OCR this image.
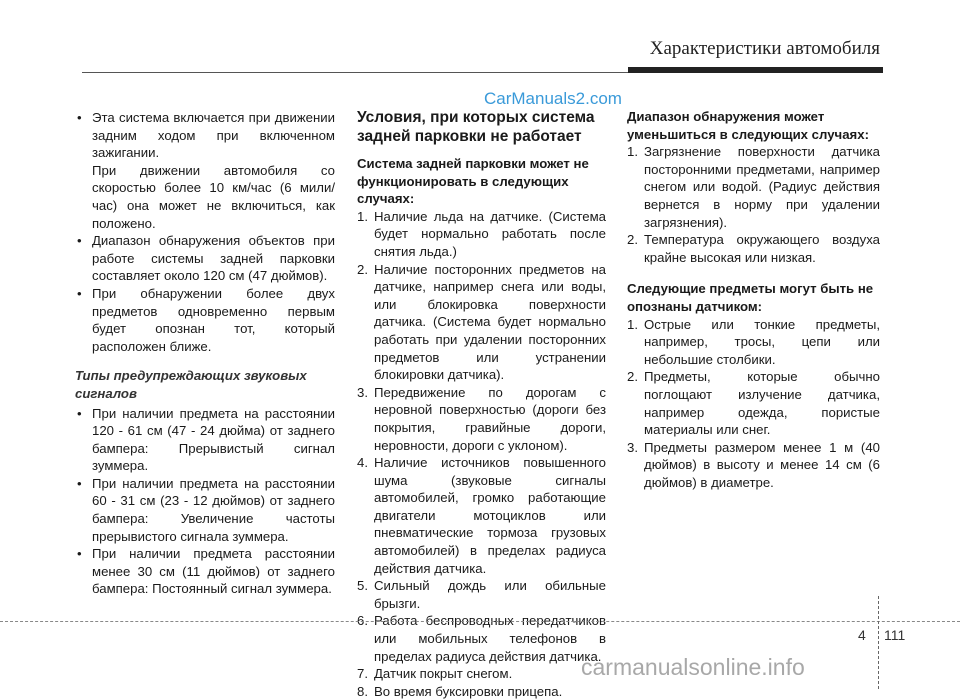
Характеристики автомобиля
CarManuals2.com
• Эта система включается при движении задним ходом при включенном зажигании.

При движении автомобиля со скоростью более 10 км/час (6 мили/час) она может не включиться, как положено.

• Диапазон обнаружения объектов при работе системы задней парковки составляет около 120 см (47 дюймов).
• При обнаружении более двух предметов одновременно первым будет опознан тот, который расположен ближе.
Типы предупреждающих звуковых сигналов
• При наличии предмета на расстоянии 120 - 61 см (47 - 24 дюйма) от заднего бампера: Прерывистый сигнал зуммера.
• При наличии предмета на расстоянии 60 - 31 см (23 - 12 дюймов) от заднего бампера: Увеличение частоты прерывистого сигнала зуммера.
• При наличии предмета расстоянии менее 30 см (11 дюймов) от заднего бампера: Постоянный сигнал зуммера.
Условия, при которых система задней парковки не работает
Система задней парковки может не функционировать в следующих случаях:
1. Наличие льда на датчике. (Система будет нормально работать после снятия льда.)
2. Наличие посторонних предметов на датчике, например снега или воды, или блокировка поверхности датчика. (Система будет нормально работать при удалении посторонних предметов или устранении блокировки датчика).
3. Передвижение по дорогам с неровной поверхностью (дороги без покрытия, гравийные дороги, неровности, дороги с уклоном).
4. Наличие источников повышенного шума (звуковые сигналы автомобилей, громко работающие двигатели мотоциклов или пневматические тормоза грузовых автомобилей) в пределах радиуса действия датчика.
5. Сильный дождь или обильные брызги.
6. Работа беспроводных передатчиков или мобильных телефонов в пределах радиуса действия датчика.
7. Датчик покрыт снегом.
8. Во время буксировки прицепа.
Диапазон обнаружения может уменьшиться в следующих случаях:
1. Загрязнение поверхности датчика посторонними предметами, например снегом или водой. (Радиус действия вернется в норму при удалении загрязнения).
2. Температура окружающего воздуха крайне высокая или низкая.
Следующие предметы могут быть не опознаны датчиком:
1. Острые или тонкие предметы, например, тросы, цепи или небольшие столбики.
2. Предметы, которые обычно поглощают излучение датчика, например одежда, пористые материалы или снег.
3. Предметы размером менее 1 м (40 дюймов) в высоту и менее 14 см (6 дюймов) в диаметре.
4 111
carmanualsonline.info
